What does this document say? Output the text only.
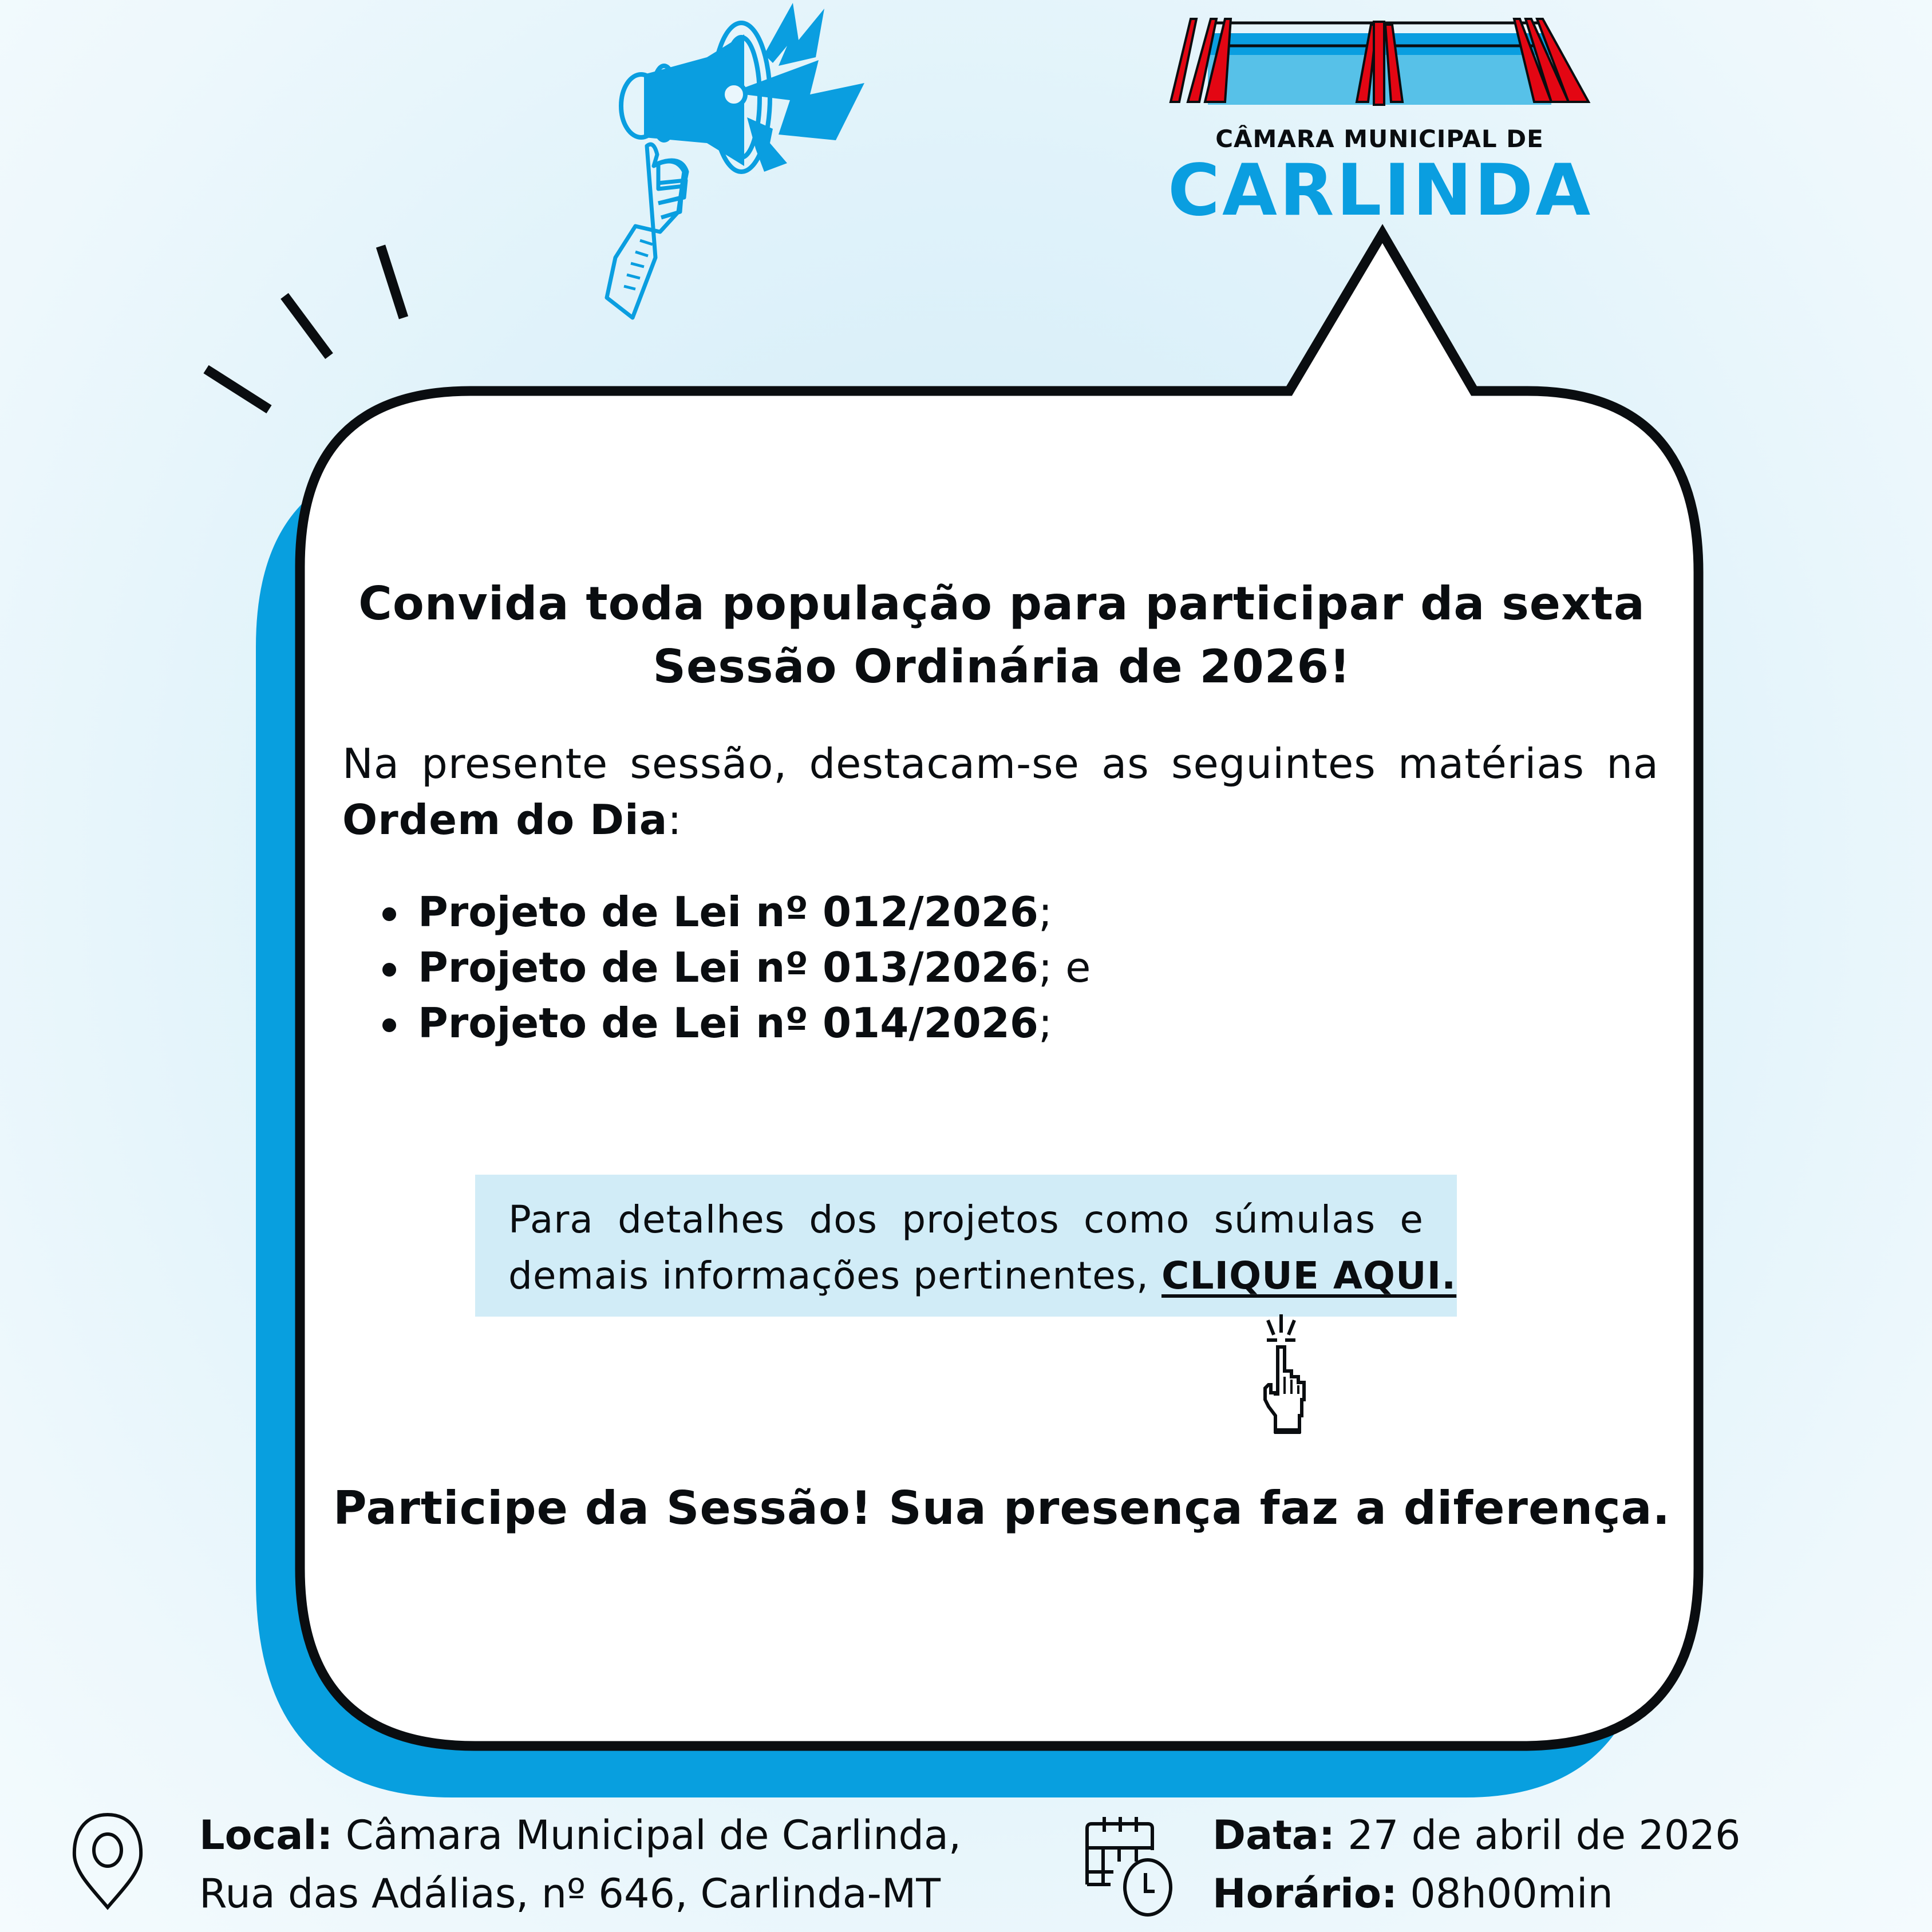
CÂMARA MUNICIPAL DE
CARLINDA
Convida toda população para participar da sexta
Sessão Ordinária de 2026!
Na presente sessão, destacam-se as seguintes matérias na Ordem do Dia:
Projeto de Lei nº 012/2026;
Projeto de Lei nº 013/2026; e
Projeto de Lei nº 014/2026;
Para detalhes dos projetos como súmulas e
demais informações pertinentes, CLIQUE AQUI.
Participe da Sessão! Sua presença faz a diferença.
Local: Câmara Municipal de Carlinda,
Rua das Adálias, nº 646, Carlinda-MT
Data: 27 de abril de 2026
Horário: 08h00min
